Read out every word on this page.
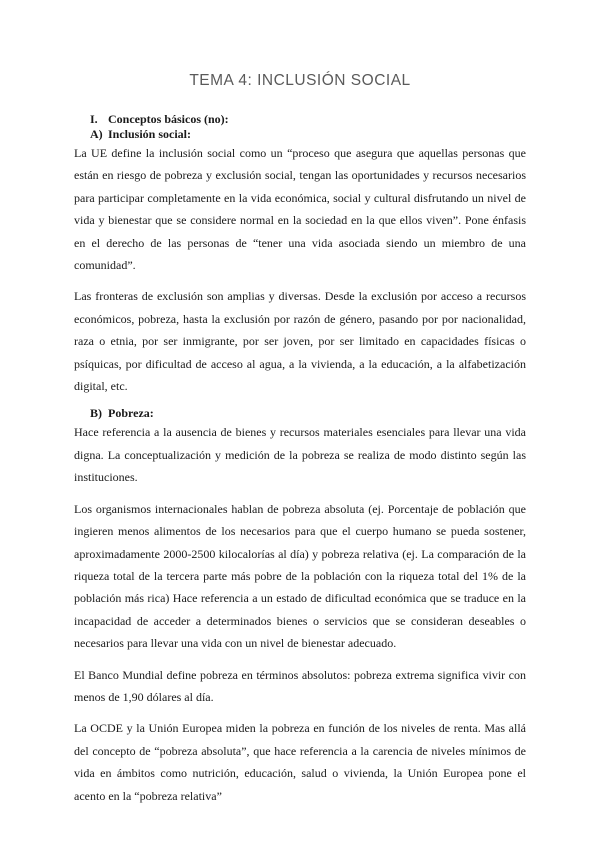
TEMA 4: INCLUSIÓN SOCIAL
I. Conceptos básicos (no):
A) Inclusión social:

La UE define la inclusión social como un “proceso que asegura que aquellas personas que están en riesgo de pobreza y exclusión social, tengan las oportunidades y recursos necesarios para participar completamente en la vida económica, social y cultural disfrutando un nivel de vida y bienestar que se considere normal en la sociedad en la que ellos viven”. Pone énfasis en el derecho de las personas de “tener una vida asociada siendo un miembro de una comunidad”.

Las fronteras de exclusión son amplias y diversas. Desde la exclusión por acceso a recursos económicos, pobreza, hasta la exclusión por razón de género, pasando por por nacionalidad, raza o etnia, por ser inmigrante, por ser joven, por ser limitado en capacidades físicas o psíquicas, por dificultad de acceso al agua, a la vivienda, a la educación, a la alfabetización digital, etc.

B) Pobreza:

Hace referencia a la ausencia de bienes y recursos materiales esenciales para llevar una vida digna. La conceptualización y medición de la pobreza se realiza de modo distinto según las instituciones.

Los organismos internacionales hablan de pobreza absoluta (ej. Porcentaje de población que ingieren menos alimentos de los necesarios para que el cuerpo humano se pueda sostener, aproximadamente 2000-2500 kilocalorías al día) y pobreza relativa (ej. La comparación de la riqueza total de la tercera parte más pobre de la población con la riqueza total del 1% de la población más rica) Hace referencia a un estado de dificultad económica que se traduce en la incapacidad de acceder a determinados bienes o servicios que se consideran deseables o necesarios para llevar una vida con un nivel de bienestar adecuado.

El Banco Mundial define pobreza en términos absolutos: pobreza extrema significa vivir con menos de 1,90 dólares al día.

La OCDE y la Unión Europea miden la pobreza en función de los niveles de renta. Mas allá del concepto de “pobreza absoluta”, que hace referencia a la carencia de niveles mínimos de vida en ámbitos como nutrición, educación, salud o vivienda, la Unión Europea pone el acento en la “pobreza relativa”
